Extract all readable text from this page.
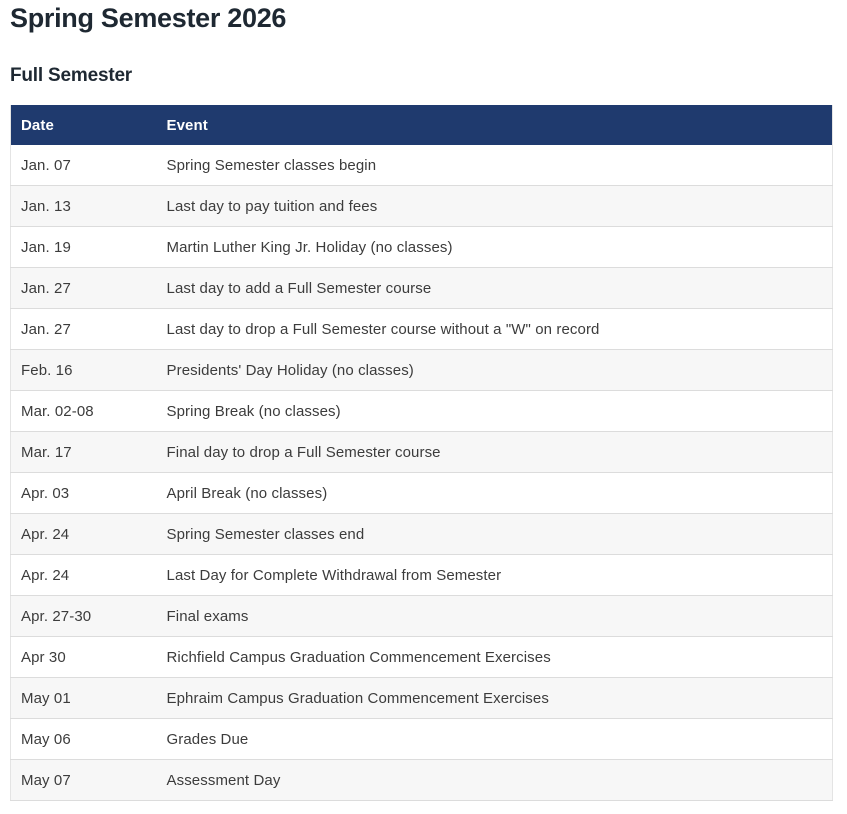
Spring Semester 2026
Full Semester
Date	Event
Jan. 07	Spring Semester classes begin
Jan. 13	Last day to pay tuition and fees
Jan. 19	Martin Luther King Jr. Holiday (no classes)
Jan. 27	Last day to add a Full Semester course
Jan. 27	Last day to drop a Full Semester course without a "W" on record
Feb. 16	Presidents' Day Holiday (no classes)
Mar. 02-08	Spring Break (no classes)
Mar. 17	Final day to drop a Full Semester course
Apr. 03	April Break (no classes)
Apr. 24	Spring Semester classes end
Apr. 24	Last Day for Complete Withdrawal from Semester
Apr. 27-30	Final exams
Apr 30	Richfield Campus Graduation Commencement Exercises
May 01	Ephraim Campus Graduation Commencement Exercises
May 06	Grades Due
May 07	Assessment Day
